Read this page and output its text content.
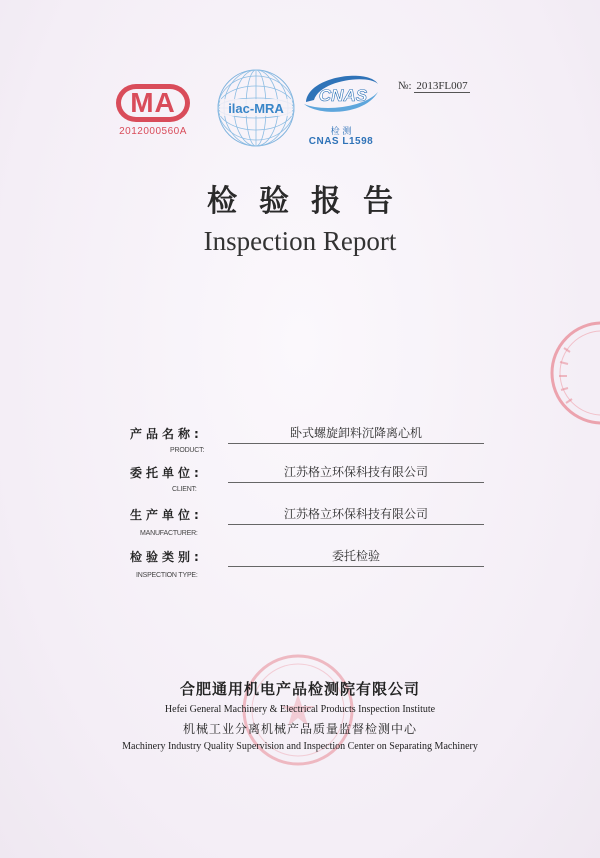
MA
2012000560A
ilac-MRA
CNAS
检 测
CNAS L1598
№: 2013FL007
检验报告
Inspection Report
产品名称:
PRODUCT:
卧式螺旋卸料沉降离心机
委托单位:
CLIENT:
江苏格立环保科技有限公司
生产单位:
MANUFACTURER:
江苏格立环保科技有限公司
检验类别:
INSPECTION TYPE:
委托检验
合肥通用机电产品检测院有限公司
Hefei General Machinery & Electrical Products Inspection Institute
机械工业分离机械产品质量监督检测中心
Machinery Industry Quality Supervision and Inspection Center on Separating Machinery
